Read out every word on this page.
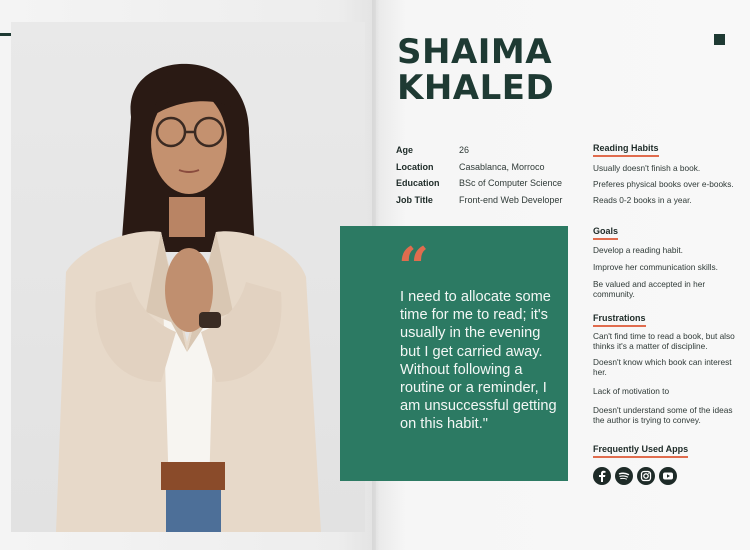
SHAIMA
KHALED
Age	26
Location	Casablanca, Morroco
Education	BSc of Computer Science
Job Title	Front-end Web Developer
“
I need to allocate some time for me to read; it's usually in the evening but I get carried away. Without following a routine or a reminder, I am unsuccessful getting on this habit."
Reading Habits

Usually doesn't finish a book.

Preferes physical books over e-books.

Reads 0-2 books in a year.

Goals

Develop a reading habit.

Improve her communication skills.

Be valued and accepted in her community.

Frustrations

Can't find time to read a book, but also thinks it's a matter of discipline.

Doesn't know which book can interest her.

Lack of motivation to

Doesn't understand some of the ideas the author is trying to convey.

Frequently Used Apps
